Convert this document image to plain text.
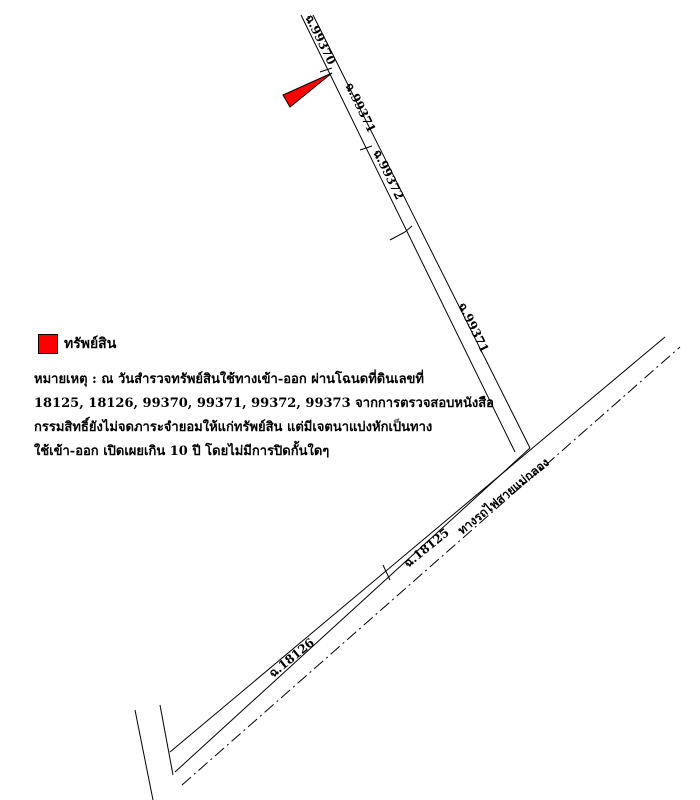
ฉ.99370
ฉ.99371
ฉ.99372
ฉ.99371
ฉ.18125
ฉ.18126
ทางรถไฟสายแม่กลอง
ทรัพย์สิน
หมายเหตุ : ณ วันสำรวจทรัพย์สินใช้ทางเข้า-ออก ผ่านโฉนดที่ดินเลขที่
18125, 18126, 99370, 99371, 99372, 99373 จากการตรวจสอบหนังสือ
กรรมสิทธิ์ยังไม่จดภาระจำยอมให้แก่ทรัพย์สิน แต่มีเจตนาแบ่งหักเป็นทาง
ใช้เข้า-ออก เปิดเผยเกิน 10 ปี โดยไม่มีการปิดกั้นใดๆ
